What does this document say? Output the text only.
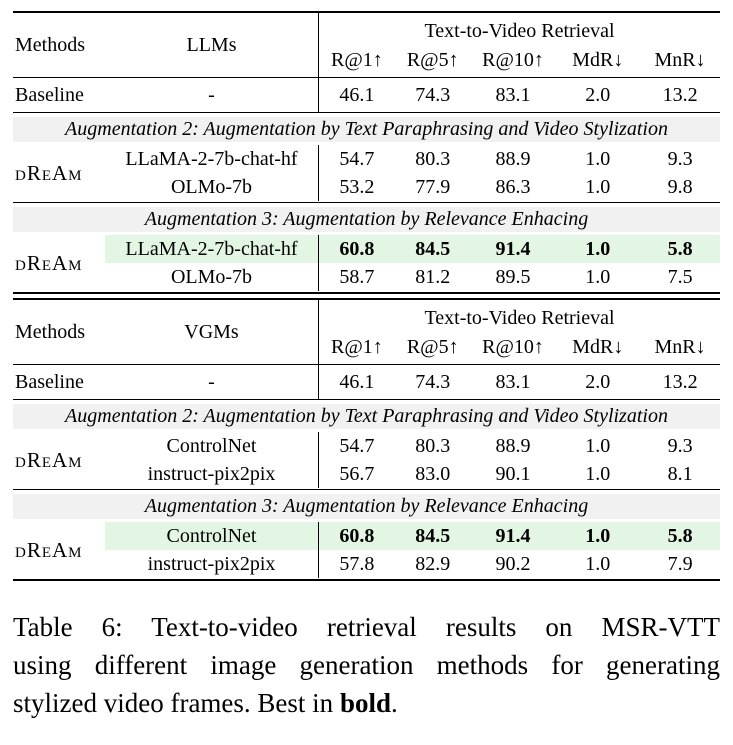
Methods	LLMs
Text-to-Video Retrieval
R@1↑	R@5↑	R@10↑	MdR↓	MnR↓
Baseline	-	46.1	74.3	83.1	2.0	13.2
Augmentation 2: Augmentation by Text Paraphrasing and Video Stylization
dReAm
LLaMA-2-7b-chat-hf	54.7	80.3	88.9	1.0	9.3
OLMo-7b	53.2	77.9	86.3	1.0	9.8
Augmentation 3: Augmentation by Relevance Enhacing
dReAm
LLaMA-2-7b-chat-hf	60.8	84.5	91.4	1.0	5.8
OLMo-7b	58.7	81.2	89.5	1.0	7.5
Methods	VGMs
Text-to-Video Retrieval
R@1↑	R@5↑	R@10↑	MdR↓	MnR↓
Baseline	-	46.1	74.3	83.1	2.0	13.2
Augmentation 2: Augmentation by Text Paraphrasing and Video Stylization
dReAm
ControlNet	54.7	80.3	88.9	1.0	9.3
instruct-pix2pix	56.7	83.0	90.1	1.0	8.1
Augmentation 3: Augmentation by Relevance Enhacing
dReAm
ControlNet	60.8	84.5	91.4	1.0	5.8
instruct-pix2pix	57.8	82.9	90.2	1.0	7.9
Table 6: Text-to-video retrieval results on MSR-VTT
using different image generation methods for generating
stylized video frames. Best in bold.
